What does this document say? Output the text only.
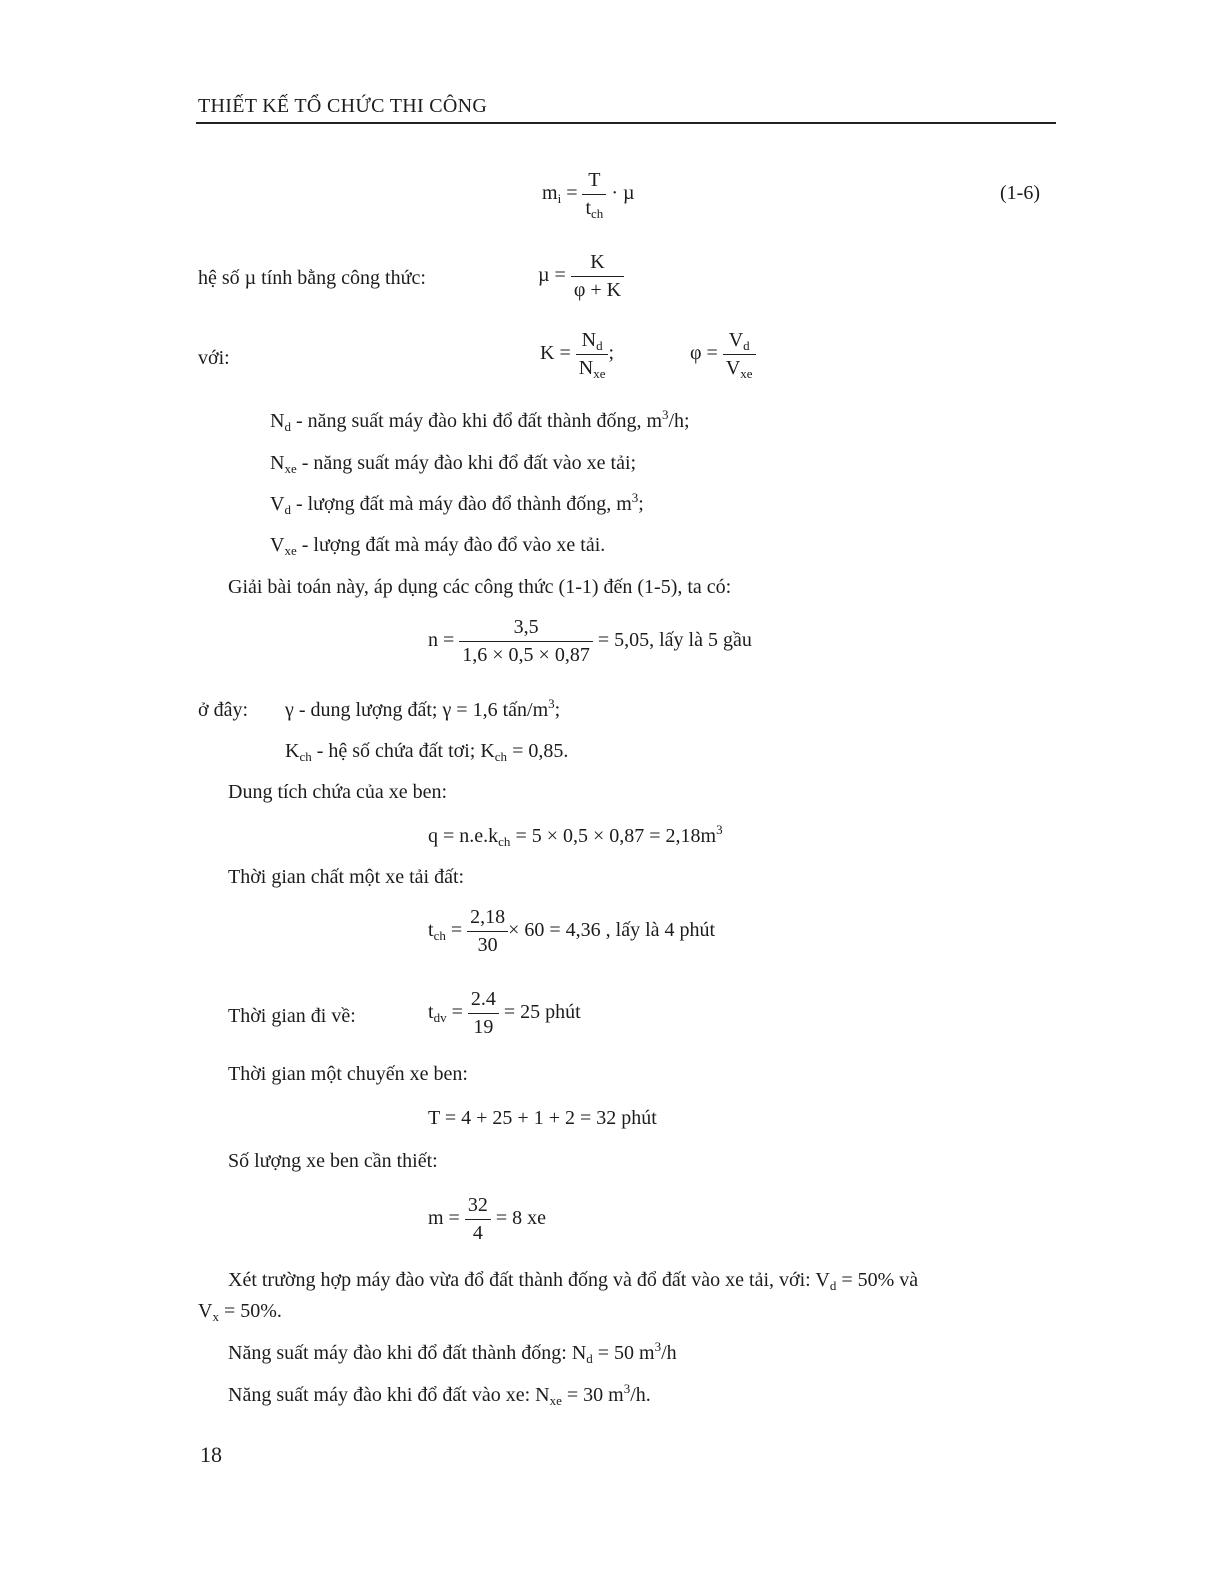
THIẾT KẾ TỔ CHỨC THI CÔNG
$m_i = \frac{T}{t_{ch}} \cdot \mu$	(1-6)
hệ số µ tính bằng công thức:	$\mu = \frac{K}{\varphi + K}$
với:	$K = \frac{N_d}{N_{xe}}$ ;	$\varphi = \frac{V_d}{V_{xe}}$
$N_d$ - năng suất máy đào khi đổ đất thành đống, $m^3/h$;
$N_{xe}$ - năng suất máy đào khi đổ đất vào xe tải;
$V_d$ - lượng đất mà máy đào đổ thành đống, $m^3$;
$V_{xe}$ - lượng đất mà máy đào đổ vào xe tải.
Giải bài toán này, áp dụng các công thức (1-1) đến (1-5), ta có:
$n = \frac{3,5}{1,6 \times 0,5 \times 0,87} = 5,05$, lấy là 5 gầu
ở đây: γ - dung lượng đất; γ = 1,6 tấn/$m^3$;
$K_{ch}$ - hệ số chứa đất tơi; $K_{ch} = 0,85$.
Dung tích chứa của xe ben:
$q = n.e.k_{ch} = 5 \times 0,5 \times 0,87 = 2,18m^3$
Thời gian chất một xe tải đất:
$t_{ch} = \frac{2,18}{30} \times 60 = 4,36$ , lấy là 4 phút
Thời gian đi về:	$t_{dv} = \frac{2.4}{19} = 25$ phút
Thời gian một chuyến xe ben:
T = 4 + 25 + 1 + 2 = 32 phút
Số lượng xe ben cần thiết:
$m = \frac{32}{4} = 8$ xe
Xét trường hợp máy đào vừa đổ đất thành đống và đổ đất vào xe tải, với: $V_d = 50\%$ và
$V_x = 50\%$.
Năng suất máy đào khi đổ đất thành đống: $N_d = 50$ $m^3/h$
Năng suất máy đào khi đổ đất vào xe: $N_{xe} = 30$ $m^3/h$.
18
